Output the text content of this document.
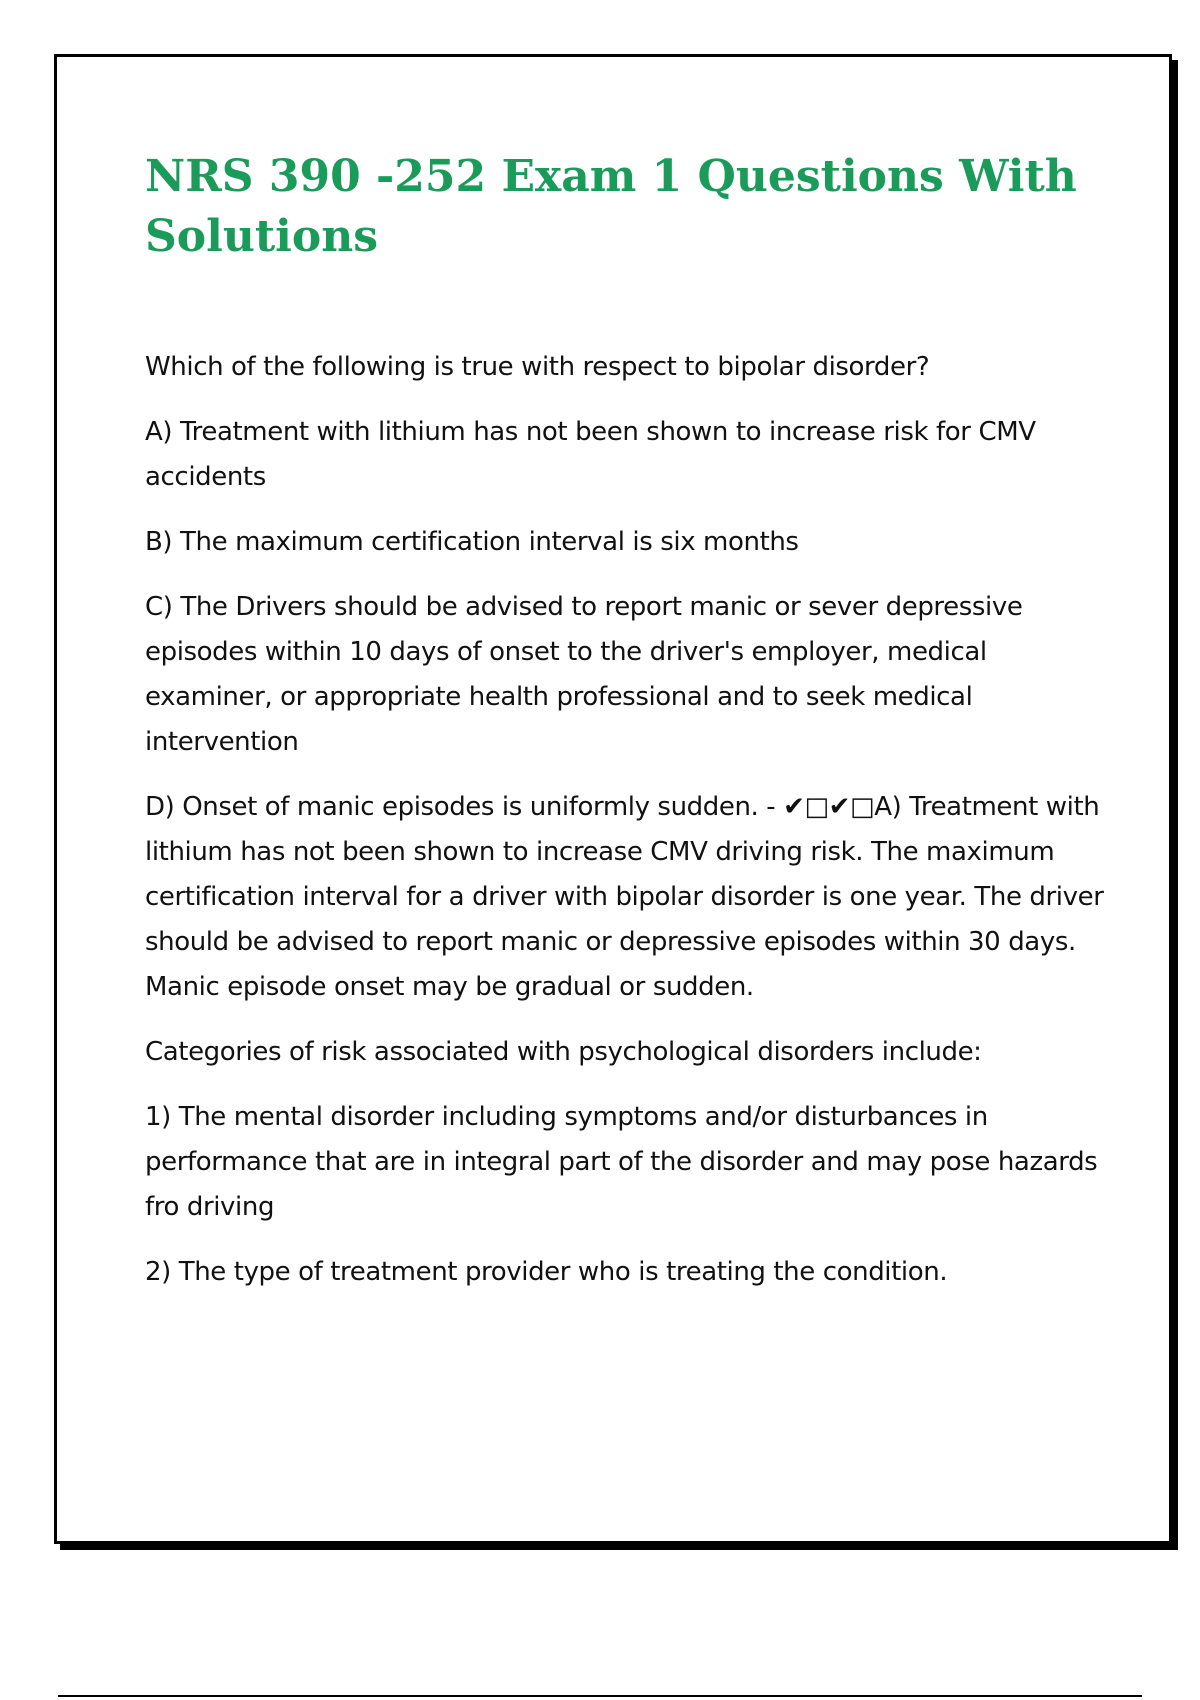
NRS 390 -252 Exam 1 Questions With Solutions

Which of the following is true with respect to bipolar disorder?

A) Treatment with lithium has not been shown to increase risk for CMV accidents

B) The maximum certification interval is six months

C) The Drivers should be advised to report manic or sever depressive episodes within 10 days of onset to the driver's employer, medical examiner, or appropriate health professional and to seek medical intervention

D) Onset of manic episodes is uniformly sudden. - ✔□✔□A) Treatment with lithium has not been shown to increase CMV driving risk. The maximum certification interval for a driver with bipolar disorder is one year. The driver should be advised to report manic or depressive episodes within 30 days. Manic episode onset may be gradual or sudden.

Categories of risk associated with psychological disorders include:

1) The mental disorder including symptoms and/or disturbances in performance that are in integral part of the disorder and may pose hazards fro driving

2) The type of treatment provider who is treating the condition.
